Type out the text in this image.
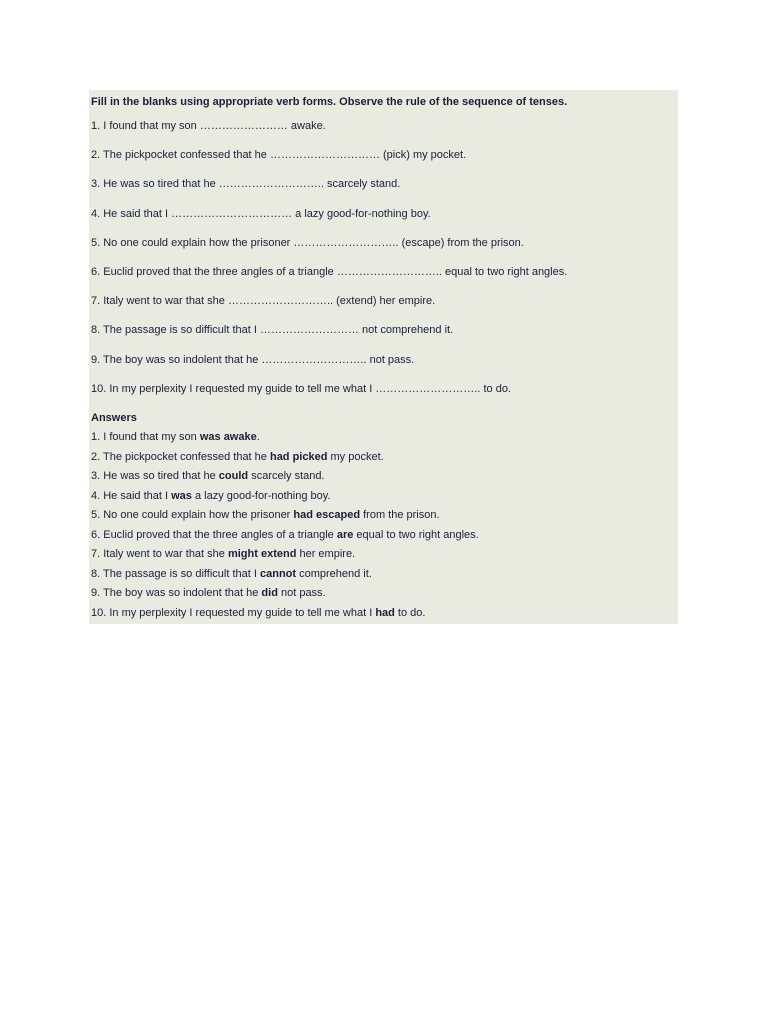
Fill in the blanks using appropriate verb forms. Observe the rule of the sequence of tenses.

1. I found that my son …………………… awake.
2. The pickpocket confessed that he ………………………… (pick) my pocket.
3. He was so tired that he ……………………….. scarcely stand.
4. He said that I …………………………… a lazy good-for-nothing boy.
5. No one could explain how the prisoner ……………………….. (escape) from the prison.
6. Euclid proved that the three angles of a triangle ……………………….. equal to two right angles.
7. Italy went to war that she ……………………….. (extend) her empire.
8. The passage is so difficult that I ……………………… not comprehend it.
9. The boy was so indolent that he ……………………….. not pass.
10. In my perplexity I requested my guide to tell me what I ……………………….. to do.

Answers

1. I found that my son was awake.
2. The pickpocket confessed that he had picked my pocket.
3. He was so tired that he could scarcely stand.
4. He said that I was a lazy good-for-nothing boy.
5. No one could explain how the prisoner had escaped from the prison.
6. Euclid proved that the three angles of a triangle are equal to two right angles.
7. Italy went to war that she might extend her empire.
8. The passage is so difficult that I cannot comprehend it.
9. The boy was so indolent that he did not pass.
10. In my perplexity I requested my guide to tell me what I had to do.
